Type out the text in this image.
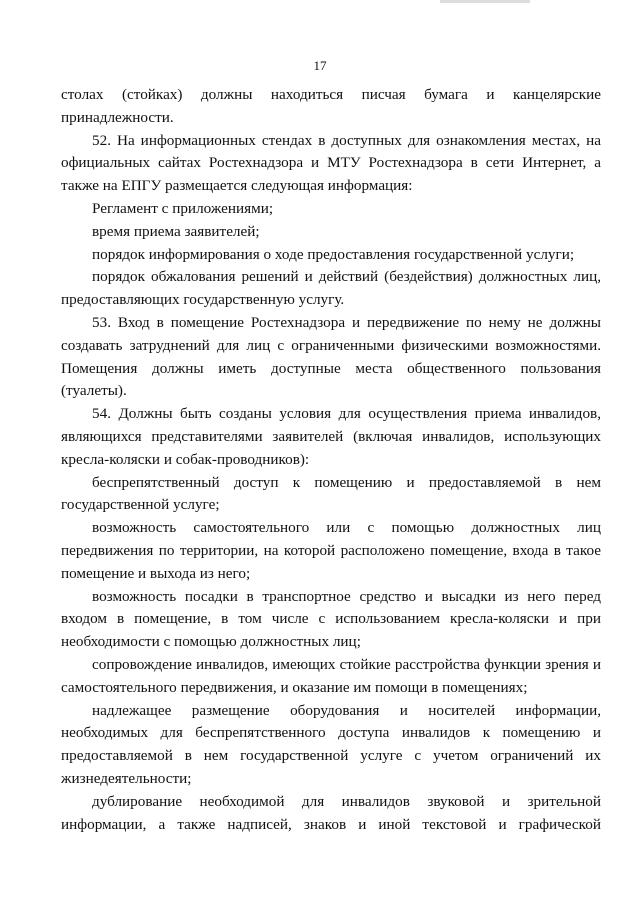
17

столах (стойках) должны находиться писчая бумага и канцелярские принадлежности.

52. На информационных стендах в доступных для ознакомления местах, на официальных сайтах Ростехнадзора и МТУ Ростехнадзора в сети Интернет, а также на ЕПГУ размещается следующая информация:

Регламент с приложениями;

время приема заявителей;

порядок информирования о ходе предоставления государственной услуги;

порядок обжалования решений и действий (бездействия) должностных лиц, предоставляющих государственную услугу.

53. Вход в помещение Ростехнадзора и передвижение по нему не должны создавать затруднений для лиц с ограниченными физическими возможностями. Помещения должны иметь доступные места общественного пользования (туалеты).

54. Должны быть созданы условия для осуществления приема инвалидов, являющихся представителями заявителей (включая инвалидов, использующих кресла-коляски и собак-проводников):

беспрепятственный доступ к помещению и предоставляемой в нем государственной услуге;

возможность самостоятельного или с помощью должностных лиц передвижения по территории, на которой расположено помещение, входа в такое помещение и выхода из него;

возможность посадки в транспортное средство и высадки из него перед входом в помещение, в том числе с использованием кресла-коляски и при необходимости с помощью должностных лиц;

сопровождение инвалидов, имеющих стойкие расстройства функции зрения и самостоятельного передвижения, и оказание им помощи в помещениях;

надлежащее размещение оборудования и носителей информации, необходимых для беспрепятственного доступа инвалидов к помещению и предоставляемой в нем государственной услуге с учетом ограничений их жизнедеятельности;

дублирование необходимой для инвалидов звуковой и зрительной информации, а также надписей, знаков и иной текстовой и графической
